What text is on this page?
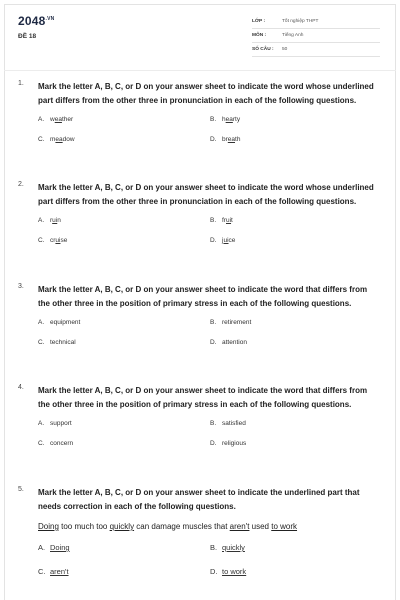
$2048^{.VN}$
ĐỀ 18
LỚP :	Tốt nghiệp THPT
MÔN :	Tiếng Anh
SỐ CÂU :	50
1. Mark the letter A, B, C, or D on your answer sheet to indicate the word whose underlined part differs from the other three in pronunciation in each of the following questions.
A. weather	B. hearty
C. meadow	D. breath
2. Mark the letter A, B, C, or D on your answer sheet to indicate the word whose underlined part differs from the other three in pronunciation in each of the following questions.
A. ruin	B. fruit
C. cruise	D. juice
3. Mark the letter A, B, C, or D on your answer sheet to indicate the word that differs from the other three in the position of primary stress in each of the following questions.
A. equipment	B. retirement
C. technical	D. attention
4. Mark the letter A, B, C, or D on your answer sheet to indicate the word that differs from the other three in the position of primary stress in each of the following questions.
A. support	B. satisfied
C. concern	D. religious
5. Mark the letter A, B, C, or D on your answer sheet to indicate the underlined part that needs correction in each of the following questions.
Doing too much too quickly can damage muscles that aren't used to work
A. Doing	B. quickly
C. aren't	D. to work
